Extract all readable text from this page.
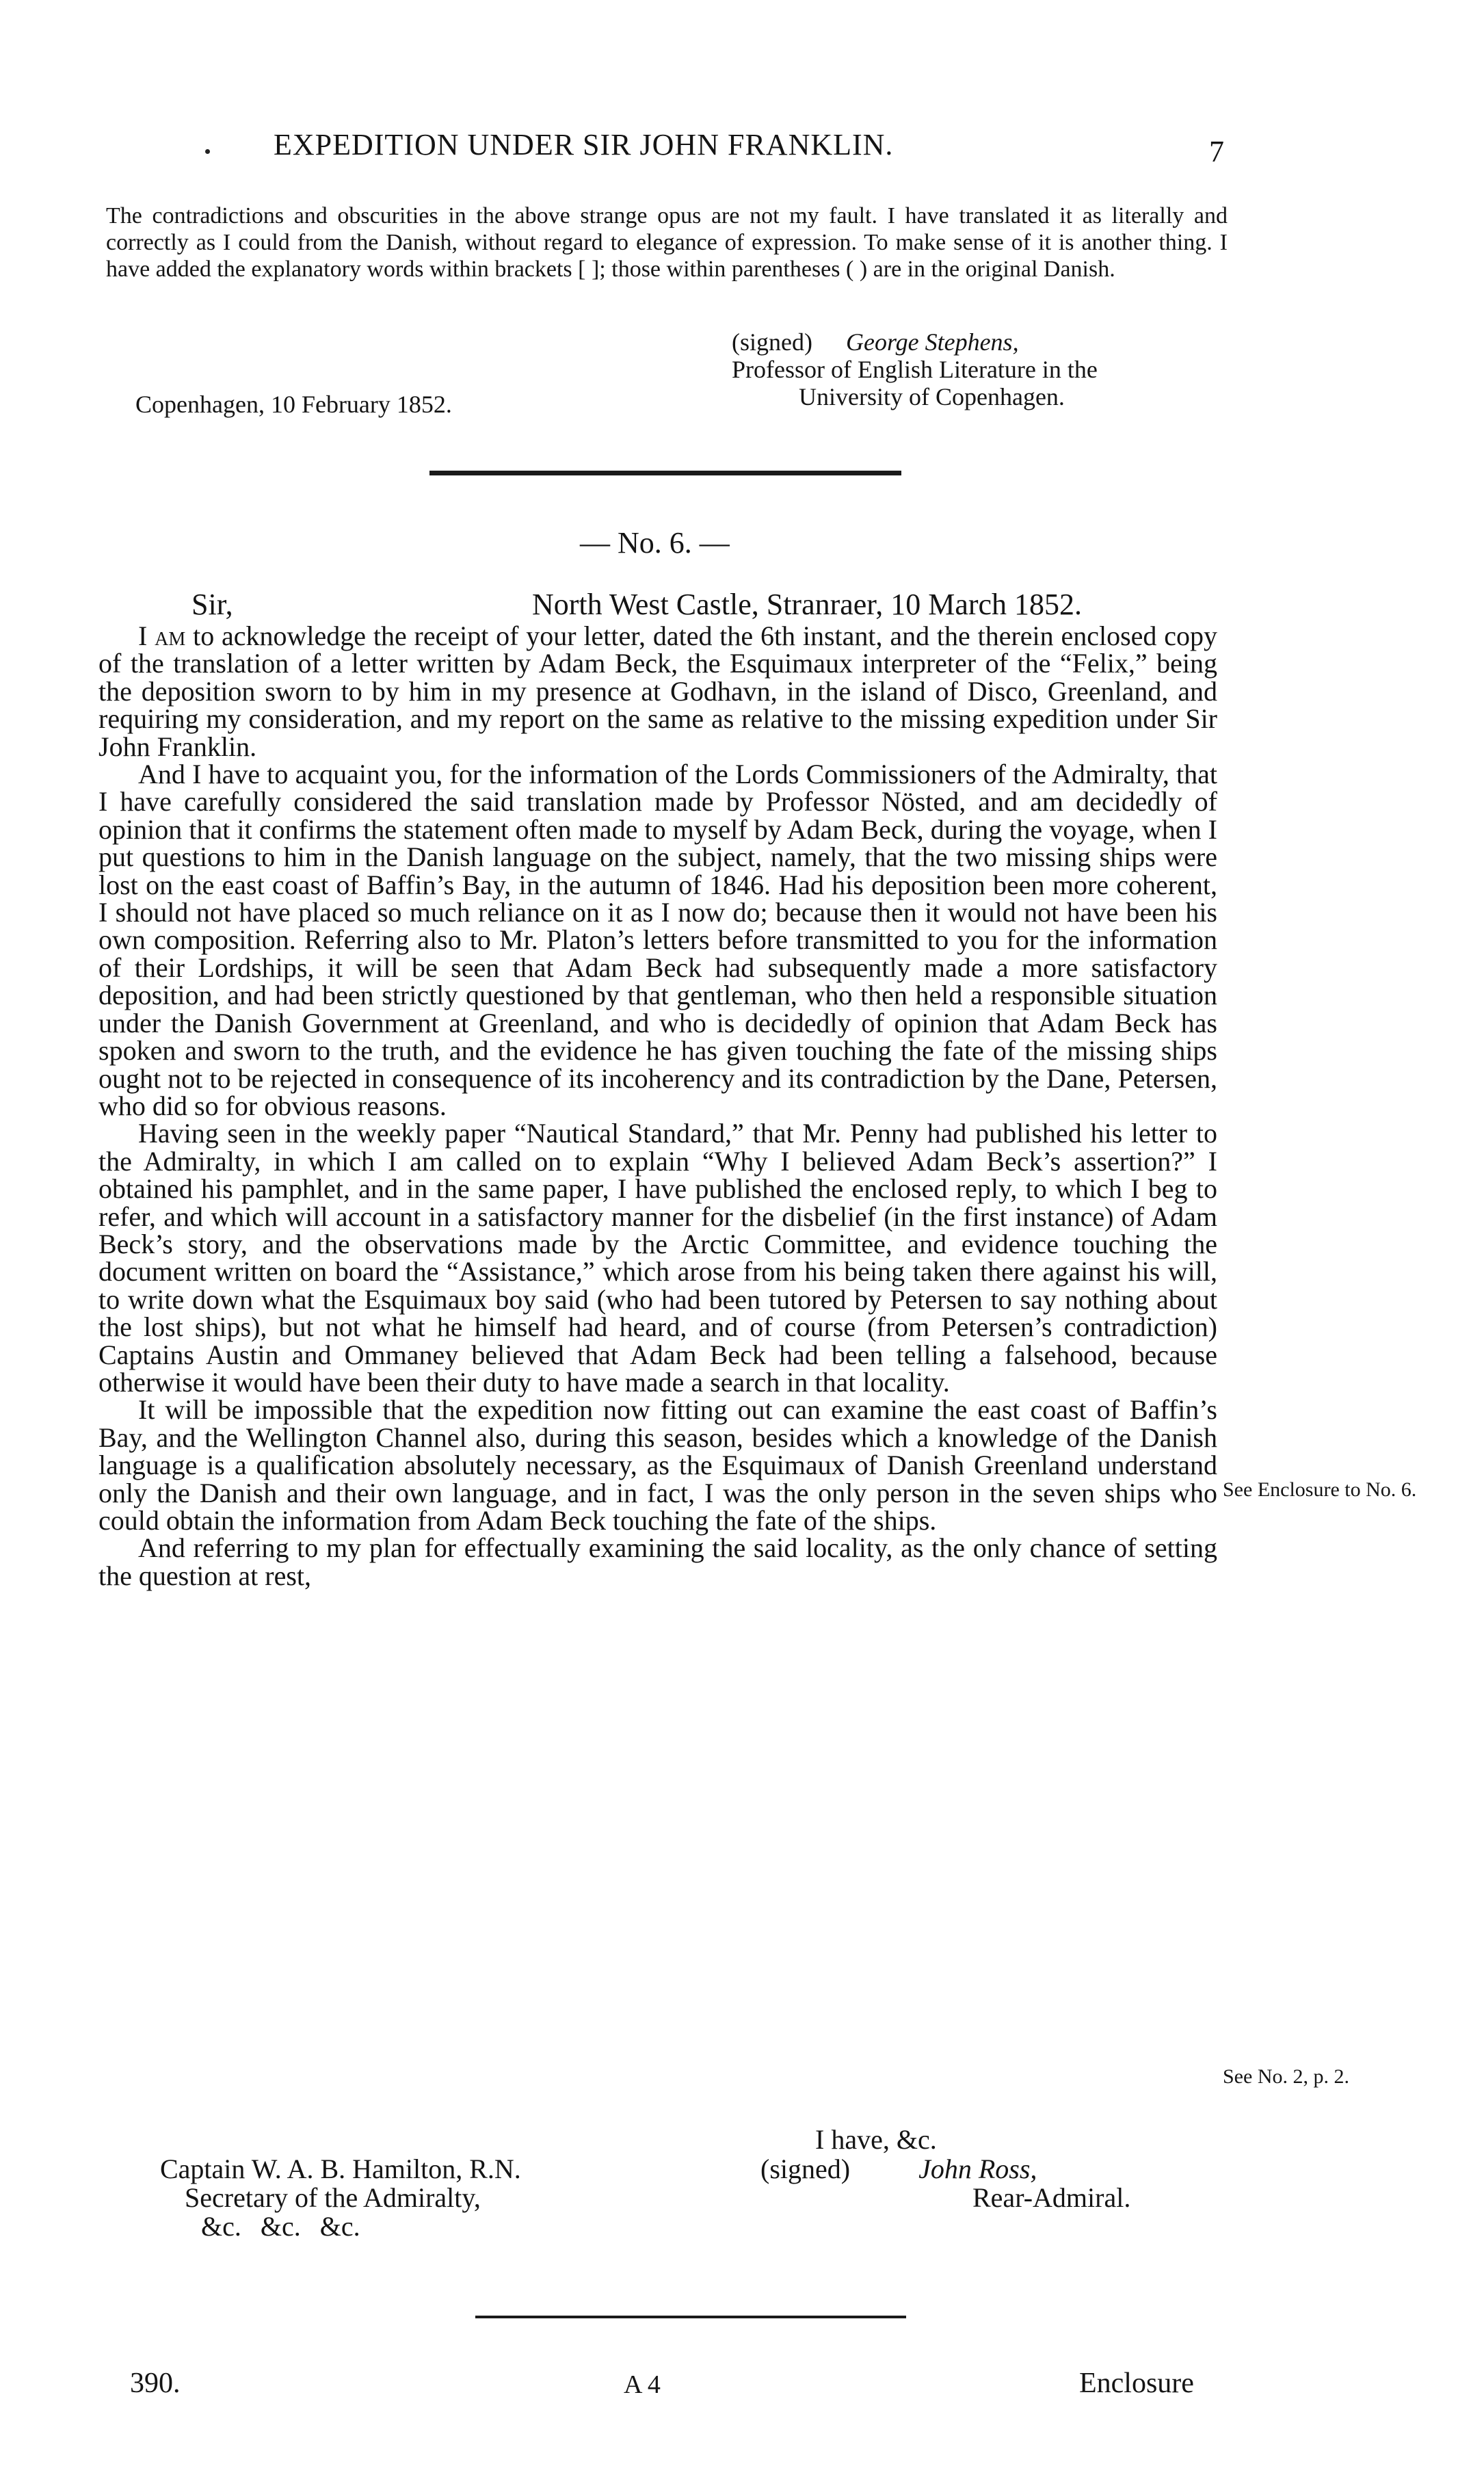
EXPEDITION UNDER SIR JOHN FRANKLIN.	7
The contradictions and obscurities in the above strange opus are not my fault. I have translated it as literally and correctly as I could from the Danish, without regard to elegance of expression. To make sense of it is another thing. I have added the explanatory words within brackets [ ]; those within parentheses ( ) are in the original Danish.
(signed) George Stephens,
Professor of English Literature in the
University of Copenhagen.
Copenhagen, 10 February 1852.
— No. 6. —
Sir,	North West Castle, Stranraer, 10 March 1852.

I am to acknowledge the receipt of your letter, dated the 6th instant, and the therein enclosed copy of the translation of a letter written by Adam Beck, the Esquimaux interpreter of the “Felix,” being the deposition sworn to by him in my presence at Godhavn, in the island of Disco, Greenland, and requiring my consideration, and my report on the same as relative to the missing expedition under Sir John Franklin.

And I have to acquaint you, for the information of the Lords Commissioners of the Admiralty, that I have carefully considered the said translation made by Professor Nösted, and am decidedly of opinion that it confirms the statement often made to myself by Adam Beck, during the voyage, when I put questions to him in the Danish language on the subject, namely, that the two missing ships were lost on the east coast of Baffin’s Bay, in the autumn of 1846. Had his deposition been more coherent, I should not have placed so much reliance on it as I now do; because then it would not have been his own composition. Referring also to Mr. Platon’s letters before transmitted to you for the information of their Lordships, it will be seen that Adam Beck had subsequently made a more satisfactory deposition, and had been strictly questioned by that gentleman, who then held a responsible situation under the Danish Government at Greenland, and who is decidedly of opinion that Adam Beck has spoken and sworn to the truth, and the evidence he has given touching the fate of the missing ships ought not to be rejected in consequence of its incoherency and its contradiction by the Dane, Petersen, who did so for obvious reasons.

Having seen in the weekly paper “Nautical Standard,” that Mr. Penny had published his letter to the Admiralty, in which I am called on to explain “Why I believed Adam Beck’s assertion?” I obtained his pamphlet, and in the same paper, I have published the enclosed reply, to which I beg to refer, and which will account in a satisfactory manner for the disbelief (in the first instance) of Adam Beck’s story, and the observations made by the Arctic Committee, and evidence touching the document written on board the “Assistance,” which arose from his being taken there against his will, to write down what the Esquimaux boy said (who had been tutored by Petersen to say nothing about the lost ships), but not what he himself had heard, and of course (from Petersen’s contradiction) Captains Austin and Ommaney believed that Adam Beck had been telling a falsehood, because otherwise it would have been their duty to have made a search in that locality.

It will be impossible that the expedition now fitting out can examine the east coast of Baffin’s Bay, and the Wellington Channel also, during this season, besides which a knowledge of the Danish language is a qualification absolutely necessary, as the Esquimaux of Danish Greenland understand only the Danish and their own language, and in fact, I was the only person in the seven ships who could obtain the information from Adam Beck touching the fate of the ships.

And referring to my plan for effectually examining the said locality, as the only chance of setting the question at rest,

See Enclosure to No. 6.
See No. 2, p. 2.
I have, &c.
Captain W. A. B. Hamilton, R.N.
Secretary of the Admiralty,
&c. &c. &c.
(signed)	John Ross,
Rear-Admiral.
390.	A 4	Enclosure
